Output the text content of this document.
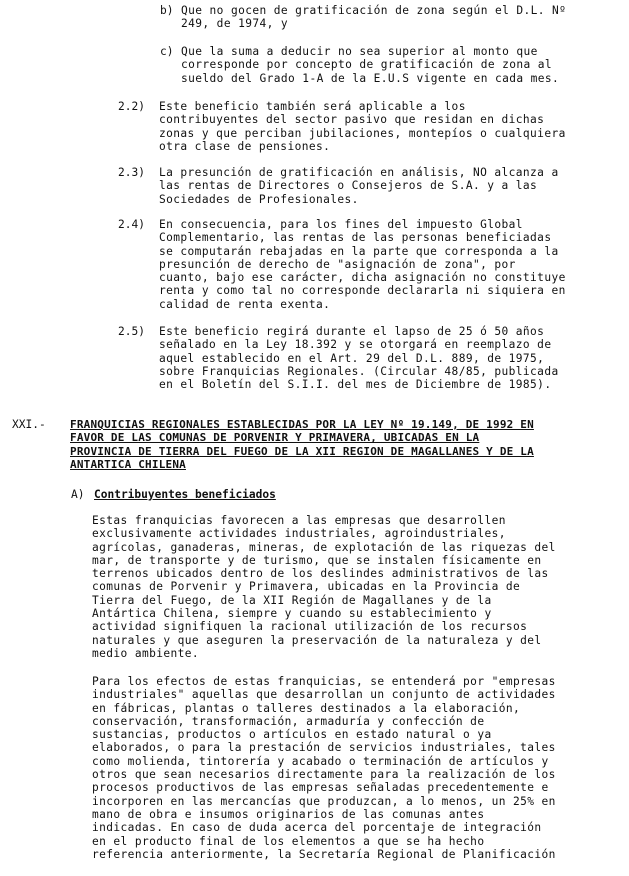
b) Que no gocen de gratificación de zona según el D.L. Nº
249, de 1974, y
c) Que la suma a deducir no sea superior al monto que
corresponde por concepto de gratificación de zona al
sueldo del Grado 1-A de la E.U.S vigente en cada mes.
2.2) Este beneficio también será aplicable a los
contribuyentes del sector pasivo que residan en dichas
zonas y que perciban jubilaciones, montepíos o cualquiera
otra clase de pensiones.
2.3) La presunción de gratificación en análisis, NO alcanza a
las rentas de Directores o Consejeros de S.A. y a las
Sociedades de Profesionales.
2.4) En consecuencia, para los fines del impuesto Global
Complementario, las rentas de las personas beneficiadas
se computarán rebajadas en la parte que corresponda a la
presunción de derecho de "asignación de zona", por
cuanto, bajo ese carácter, dicha asignación no constituye
renta y como tal no corresponde declararla ni siquiera en
calidad de renta exenta.
2.5) Este beneficio regirá durante el lapso de 25 ó 50 años
señalado en la Ley 18.392 y se otorgará en reemplazo de
aquel establecido en el Art. 29 del D.L. 889, de 1975,
sobre Franquicias Regionales. (Circular 48/85, publicada
en el Boletín del S.I.I. del mes de Diciembre de 1985).
XXI.- FRANQUICIAS REGIONALES ESTABLECIDAS POR LA LEY Nº 19.149, DE 1992 EN
FAVOR DE LAS COMUNAS DE PORVENIR Y PRIMAVERA, UBICADAS EN LA
PROVINCIA DE TIERRA DEL FUEGO DE LA XII REGION DE MAGALLANES Y DE LA
ANTARTICA CHILENA
A) Contribuyentes beneficiados
Estas franquicias favorecen a las empresas que desarrollen
exclusivamente actividades industriales, agroindustriales,
agrícolas, ganaderas, mineras, de explotación de las riquezas del
mar, de transporte y de turismo, que se instalen físicamente en
terrenos ubicados dentro de los deslindes administrativos de las
comunas de Porvenir y Primavera, ubicadas en la Provincia de
Tierra del Fuego, de la XII Región de Magallanes y de la
Antártica Chilena, siempre y cuando su establecimiento y
actividad signifiquen la racional utilización de los recursos
naturales y que aseguren la preservación de la naturaleza y del
medio ambiente.
Para los efectos de estas franquicias, se entenderá por "empresas
industriales" aquellas que desarrollan un conjunto de actividades
en fábricas, plantas o talleres destinados a la elaboración,
conservación, transformación, armaduría y confección de
sustancias, productos o artículos en estado natural o ya
elaborados, o para la prestación de servicios industriales, tales
como molienda, tintorería y acabado o terminación de artículos y
otros que sean necesarios directamente para la realización de los
procesos productivos de las empresas señaladas precedentemente e
incorporen en las mercancías que produzcan, a lo menos, un 25% en
mano de obra e insumos originarios de las comunas antes
indicadas. En caso de duda acerca del porcentaje de integración
en el producto final de los elementos a que se ha hecho
referencia anteriormente, la Secretaría Regional de Planificación
